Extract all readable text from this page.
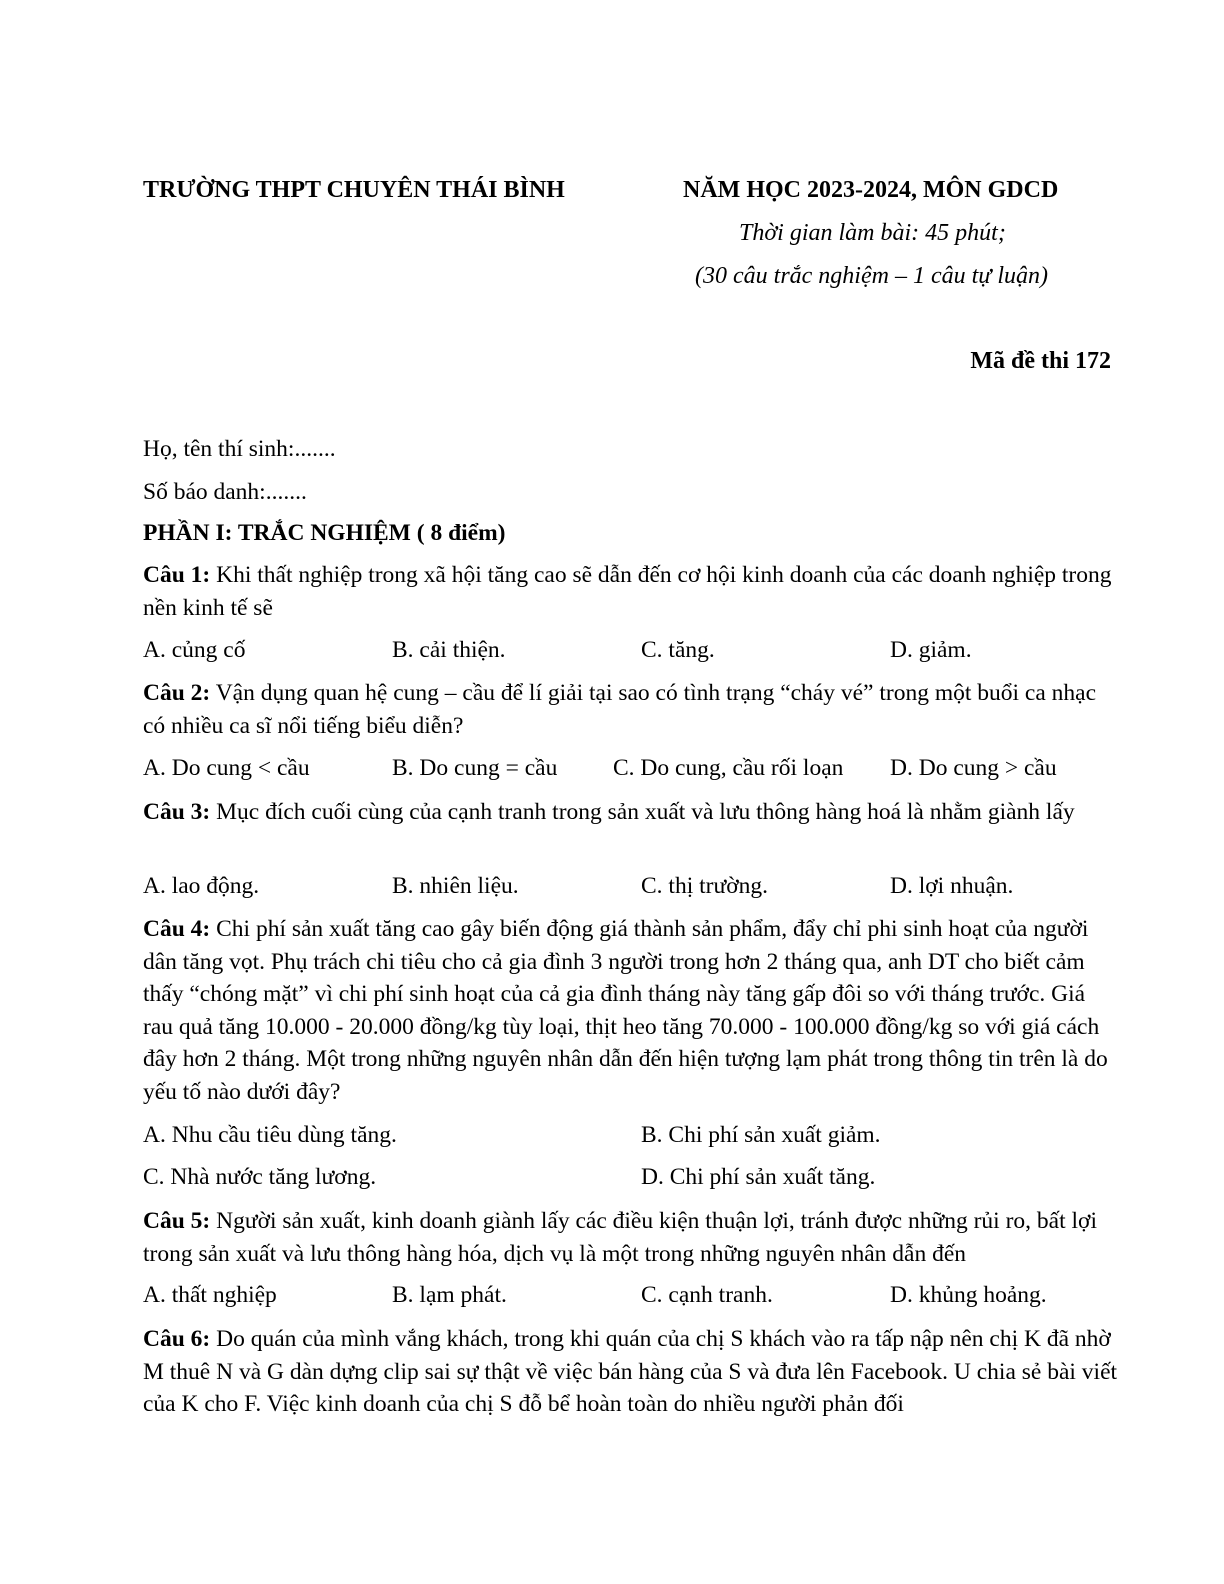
TRƯỜNG THPT CHUYÊN THÁI BÌNH	NĂM HỌC 2023-2024, MÔN GDCD
Thời gian làm bài: 45 phút;
(30 câu trắc nghiệm – 1 câu tự luận)
Mã đề thi 172
Họ, tên thí sinh:.......
Số báo danh:.......
PHẦN I: TRẮC NGHIỆM ( 8 điểm)
Câu 1: Khi thất nghiệp trong xã hội tăng cao sẽ dẫn đến cơ hội kinh doanh của các doanh nghiệp trong nền kinh tế sẽ
A. củng cố	B. cải thiện.	C. tăng.	D. giảm.
Câu 2: Vận dụng quan hệ cung – cầu để lí giải tại sao có tình trạng “cháy vé” trong một buổi ca nhạc có nhiều ca sĩ nổi tiếng biểu diễn?
A. Do cung < cầu	B. Do cung = cầu C. Do cung, cầu rối loạn D. Do cung > cầu
Câu 3: Mục đích cuối cùng của cạnh tranh trong sản xuất và lưu thông hàng hoá là nhằm giành lấy
A. lao động.	B. nhiên liệu.	C. thị trường.	D. lợi nhuận.
Câu 4: Chi phí sản xuất tăng cao gây biến động giá thành sản phẩm, đẩy chỉ phi sinh hoạt của người dân tăng vọt. Phụ trách chi tiêu cho cả gia đình 3 người trong hơn 2 tháng qua, anh DT cho biết cảm thấy “chóng mặt” vì chi phí sinh hoạt của cả gia đình tháng này tăng gấp đôi so với tháng trước. Giá rau quả tăng 10.000 - 20.000 đồng/kg tùy loại, thịt heo tăng 70.000 - 100.000 đồng/kg so với giá cách đây hơn 2 tháng. Một trong những nguyên nhân dẫn đến hiện tượng lạm phát trong thông tin trên là do yếu tố nào dưới đây?
A. Nhu cầu tiêu dùng tăng.	B. Chi phí sản xuất giảm.
C. Nhà nước tăng lương.	D. Chi phí sản xuất tăng.
Câu 5: Người sản xuất, kinh doanh giành lấy các điều kiện thuận lợi, tránh được những rủi ro, bất lợi trong sản xuất và lưu thông hàng hóa, dịch vụ là một trong những nguyên nhân dẫn đến
A. thất nghiệp	B. lạm phát.	C. cạnh tranh.	D. khủng hoảng.
Câu 6: Do quán của mình vắng khách, trong khi quán của chị S khách vào ra tấp nập nên chị K đã nhờ M thuê N và G dàn dựng clip sai sự thật về việc bán hàng của S và đưa lên Facebook. U chia sẻ bài viết của K cho F. Việc kinh doanh của chị S đỗ bể hoàn toàn do nhiều người phản đối
